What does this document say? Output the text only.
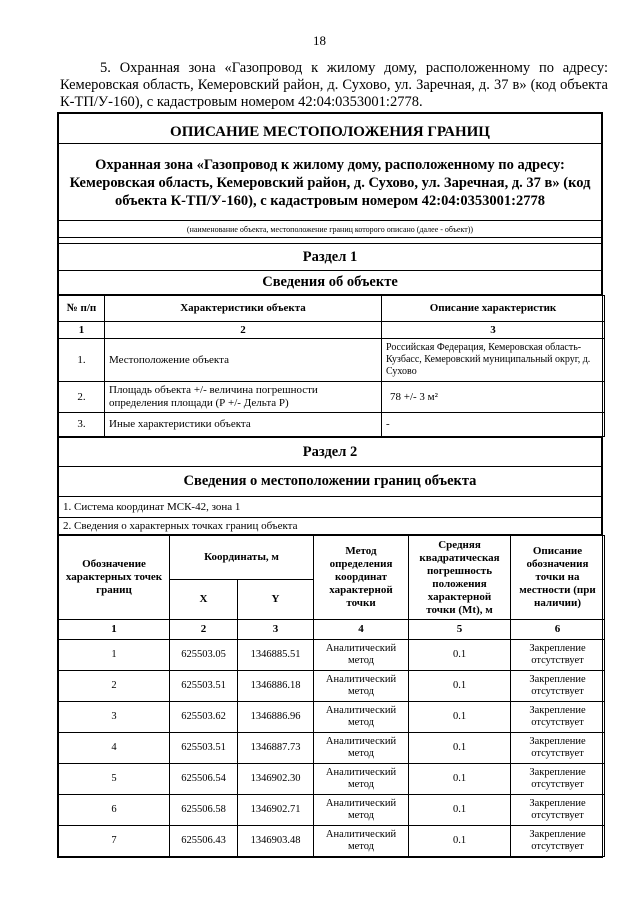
18

5. Охранная зона «Газопровод к жилому дому, расположенному по адресу: Кемеровская область, Кемеровский район, д. Сухово, ул. Заречная, д. 37 в» (код объекта К-ТП/У-160), с кадастровым номером 42:04:0353001:2778.

ОПИСАНИЕ МЕСТОПОЛОЖЕНИЯ ГРАНИЦ
Охранная зона «Газопровод к жилому дому, расположенному по адресу: Кемеровская область, Кемеровский район, д. Сухово, ул. Заречная, д. 37 в» (код объекта К-ТП/У-160), с кадастровым номером 42:04:0353001:2778
(наименование объекта, местоположение границ которого описано (далее - объект))

Раздел 1
Сведения об объекте
№ п/п	Характеристики объекта	Описание характеристик
1	2	3
1.	Местоположение объекта	Российская Федерация, Кемеровская область-Кузбасс, Кемеровский муниципальный округ, д. Сухово
2.	Площадь объекта +/- величина погрешности определения площади (Р +/- Дельта Р)	78 +/- 3 м²
3.	Иные характеристики объекта	-
Раздел 2
Сведения о местоположении границ объекта
1. Система координат МСК-42, зона 1
2. Сведения о характерных точках границ объекта
Обозначение характерных точек границ	Координаты, м		Метод определения координат характерной точки	Средняя квадратическая погрешность положения характерной точки (Mt), м	Описание обозначения точки на местности (при наличии)
	X	Y			
1	2	3	4	5	6
1	625503.05	1346885.51	Аналитический метод	0.1	Закрепление отсутствует
2	625503.51	1346886.18	Аналитический метод	0.1	Закрепление отсутствует
3	625503.62	1346886.96	Аналитический метод	0.1	Закрепление отсутствует
4	625503.51	1346887.73	Аналитический метод	0.1	Закрепление отсутствует
5	625506.54	1346902.30	Аналитический метод	0.1	Закрепление отсутствует
6	625506.58	1346902.71	Аналитический метод	0.1	Закрепление отсутствует
7	625506.43	1346903.48	Аналитический метод	0.1	Закрепление отсутствует
